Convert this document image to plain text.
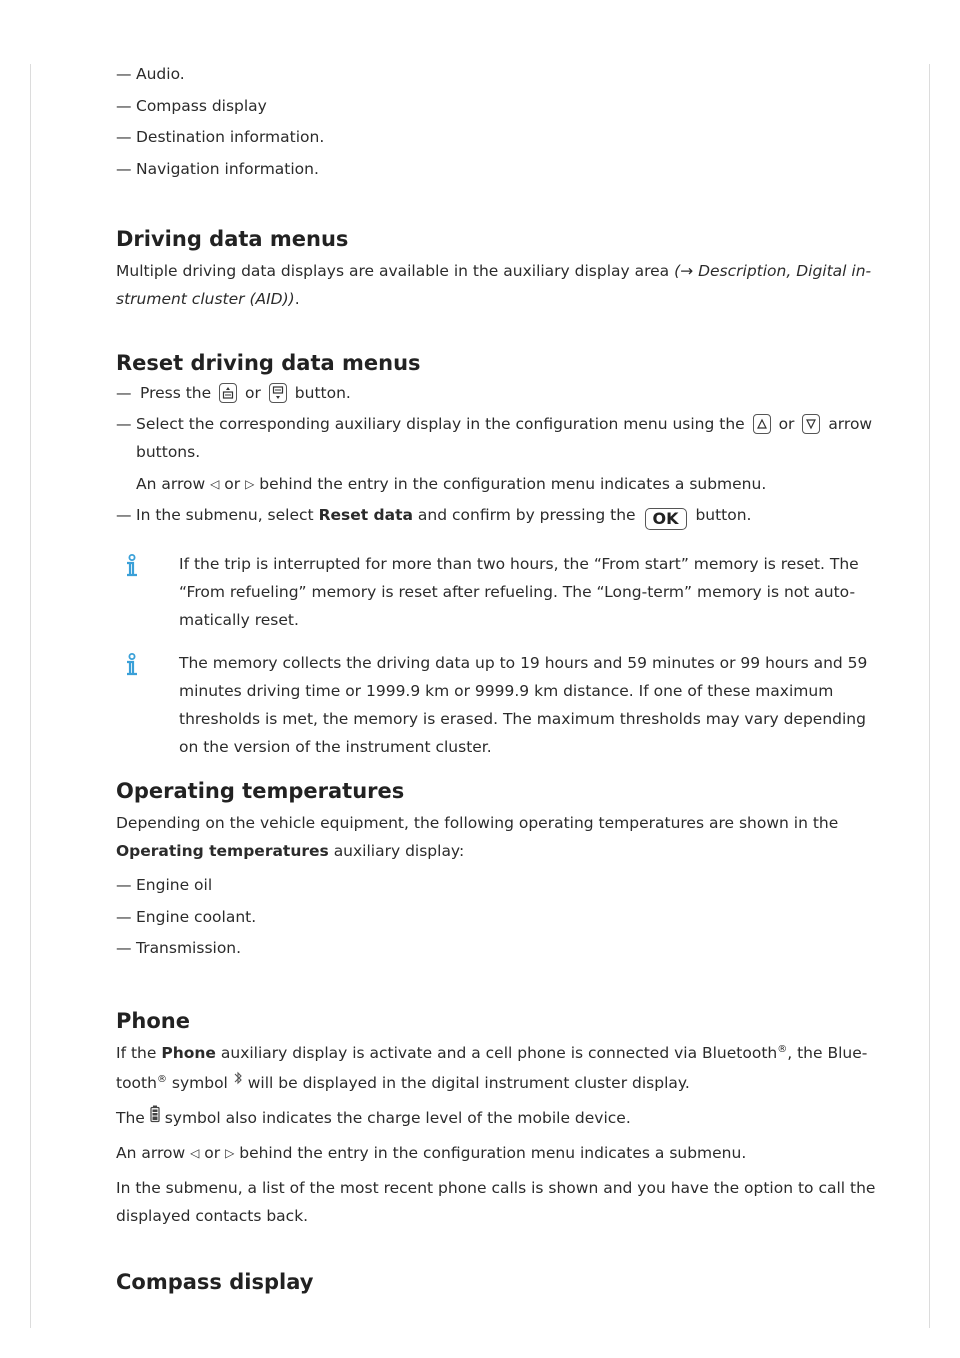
— Audio.

— Compass display

— Destination information.

— Navigation information.

Driving data menus

Multiple driving data displays are available in the auxiliary display area (→ Description, Digital in-
strument cluster (AID)).

Reset driving data menus

— Press the or button.

— Select the corresponding auxiliary display in the configuration menu using the or arrow
buttons.

An arrow ◁ or ▷ behind the entry in the configuration menu indicates a submenu.

— In the submenu, select Reset data and confirm by pressing the OK button.

If the trip is interrupted for more than two hours, the “From start” memory is reset. The

“From refueling” memory is reset after refueling. The “Long-term” memory is not auto-

matically reset.

The memory collects the driving data up to 19 hours and 59 minutes or 99 hours and 59

minutes driving time or 1999.9 km or 9999.9 km distance. If one of these maximum

thresholds is met, the memory is erased. The maximum thresholds may vary depending

on the version of the instrument cluster.

Operating temperatures

Depending on the vehicle equipment, the following operating temperatures are shown in the
Operating temperatures auxiliary display:

— Engine oil

— Engine coolant.

— Transmission.

Phone

If the Phone auxiliary display is activate and a cell phone is connected via Bluetooth®, the Blue-
tooth® symbol will be displayed in the digital instrument cluster display.

The symbol also indicates the charge level of the mobile device.

An arrow ◁ or ▷ behind the entry in the configuration menu indicates a submenu.

In the submenu, a list of the most recent phone calls is shown and you have the option to call the
displayed contacts back.

Compass display
